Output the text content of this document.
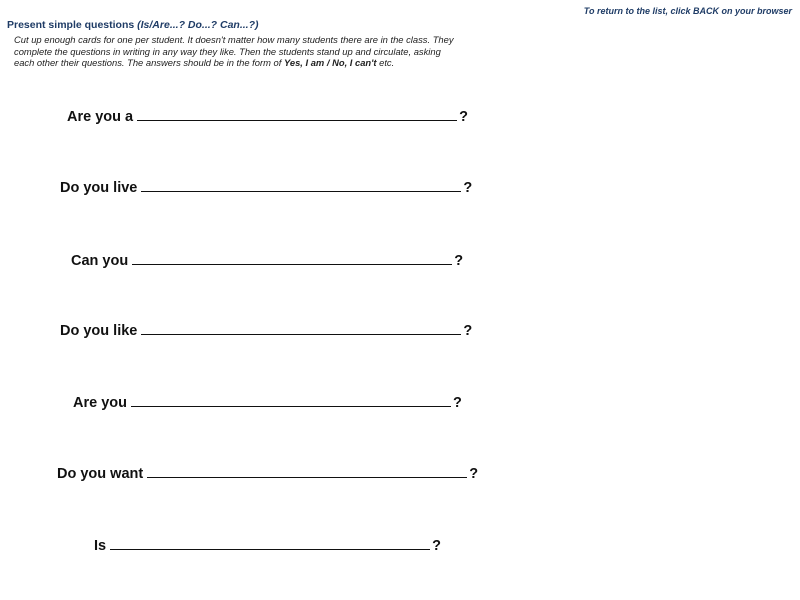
To return to the list, click BACK on your browser
Present simple questions (Is/Are...? Do...? Can...?)
Cut up enough cards for one per student. It doesn't matter how many students there are in the class. They complete the questions in writing in any way they like. Then the students stand up and circulate, asking each other their questions. The answers should be in the form of Yes, I am / No, I can't etc.
Are you a	?
Do you live	?
Can you	?
Do you like	?
Are you	?
Do you want	?
Is	?
